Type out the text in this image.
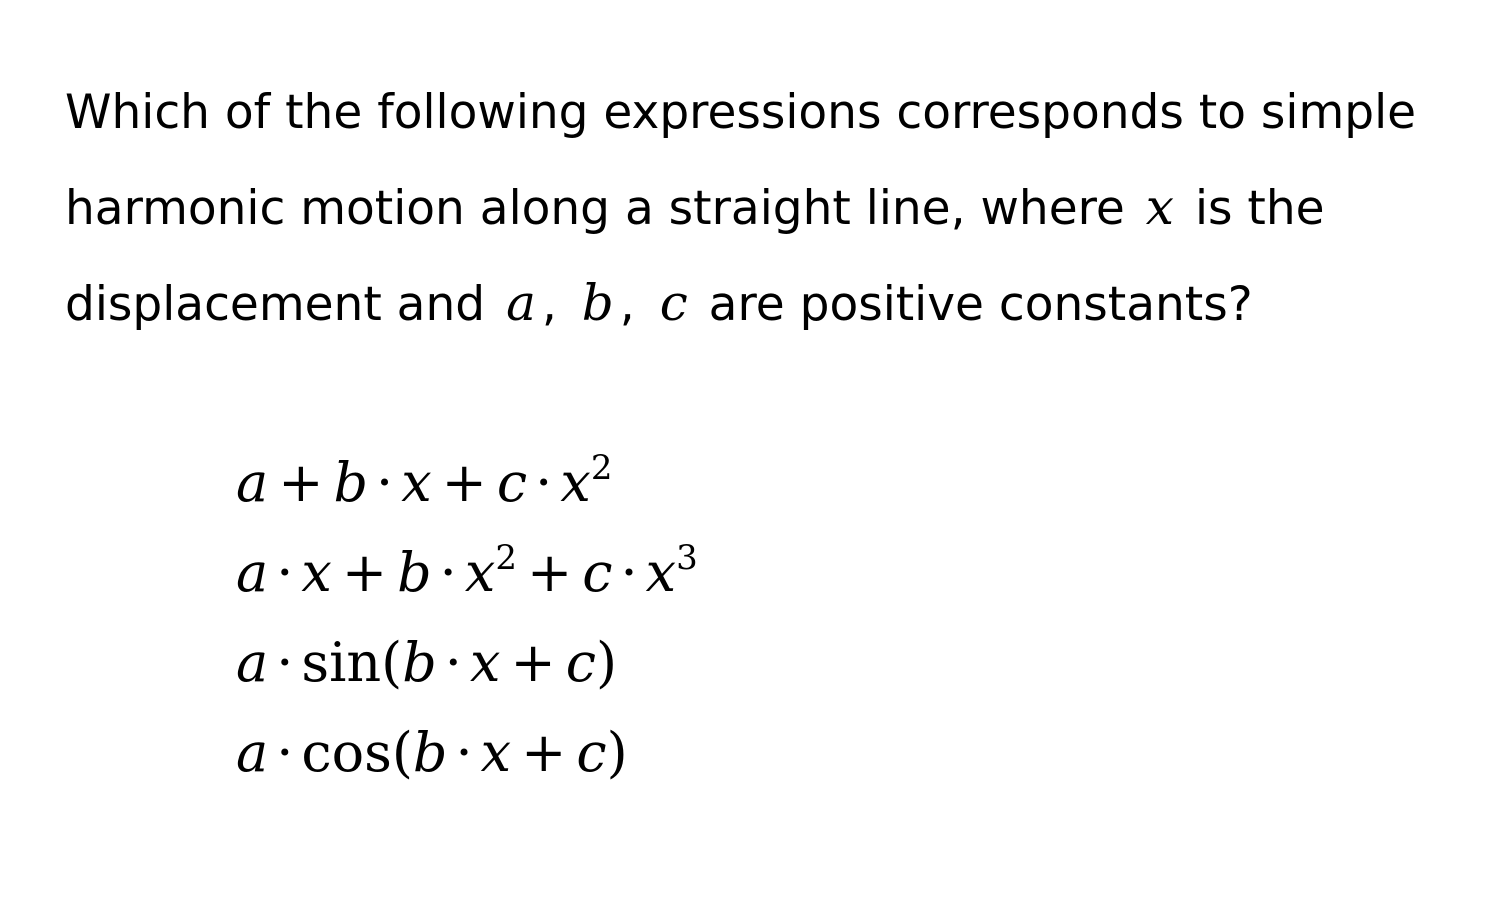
Which of the following expressions corresponds to simple harmonic motion along a straight line, where x is the displacement and a , b , c are positive constants?

$a + b \cdot x + c \cdot x^2$
$a \cdot x + b \cdot x^2 + c \cdot x^3$
a · sin(b · x + c)
a · cos(b · x + c)
